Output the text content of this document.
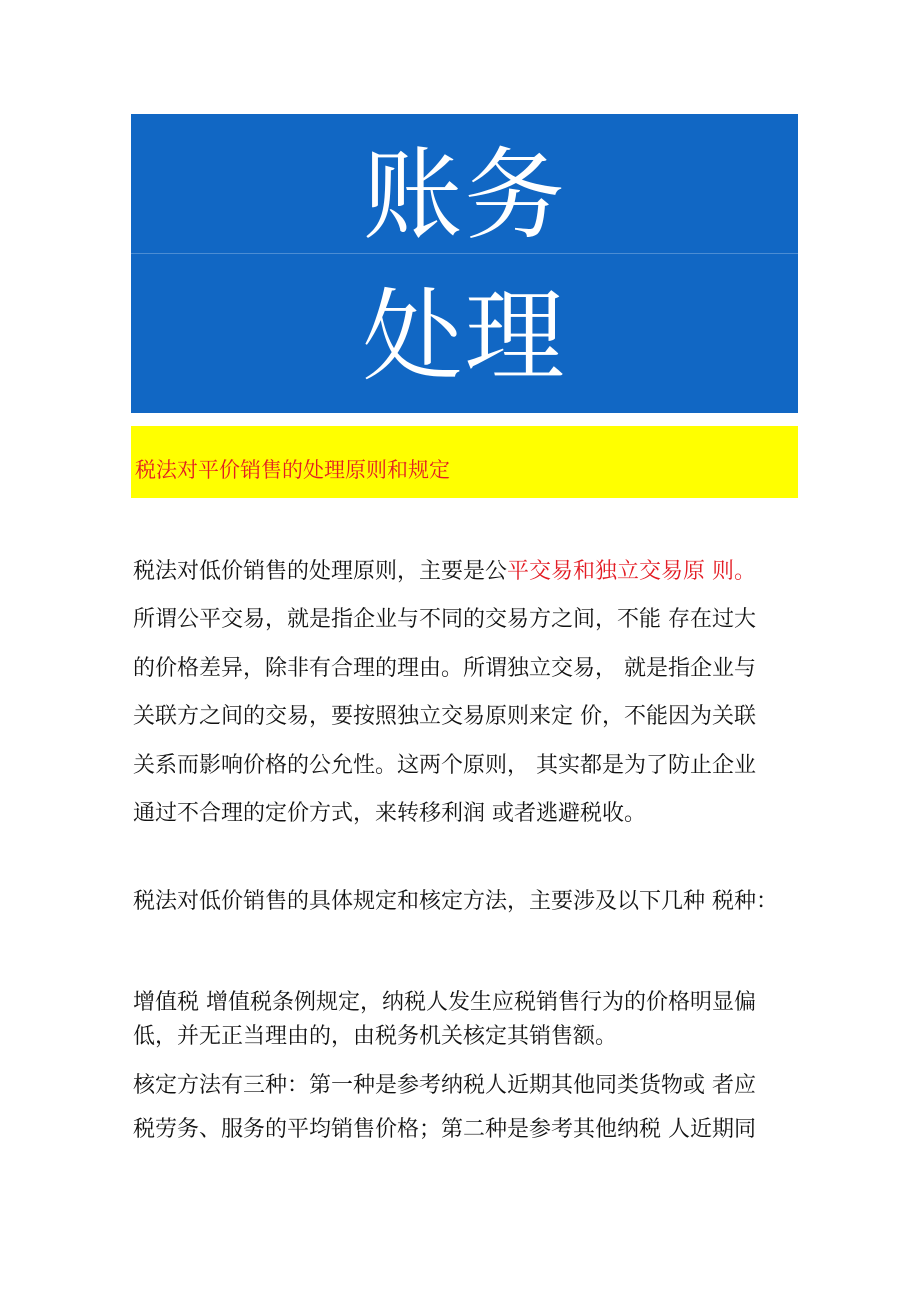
账务
处理
税法对平价销售的处理原则和规定
税法对低价销售的处理原则，主要是公平交易和独立交易原 则。
所谓公平交易，就是指企业与不同的交易方之间，不能 存在过大
的价格差异，除非有合理的理由。所谓独立交易， 就是指企业与
关联方之间的交易，要按照独立交易原则来定 价，不能因为关联
关系而影响价格的公允性。这两个原则， 其实都是为了防止企业
通过不合理的定价方式，来转移利润 或者逃避税收。
税法对低价销售的具体规定和核定方法，主要涉及以下几种 税种：
增值税 增值税条例规定，纳税人发生应税销售行为的价格明显偏
低，并无正当理由的，由税务机关核定其销售额。
核定方法有三种：第一种是参考纳税人近期其他同类货物或 者应
税劳务、服务的平均销售价格；第二种是参考其他纳税 人近期同
